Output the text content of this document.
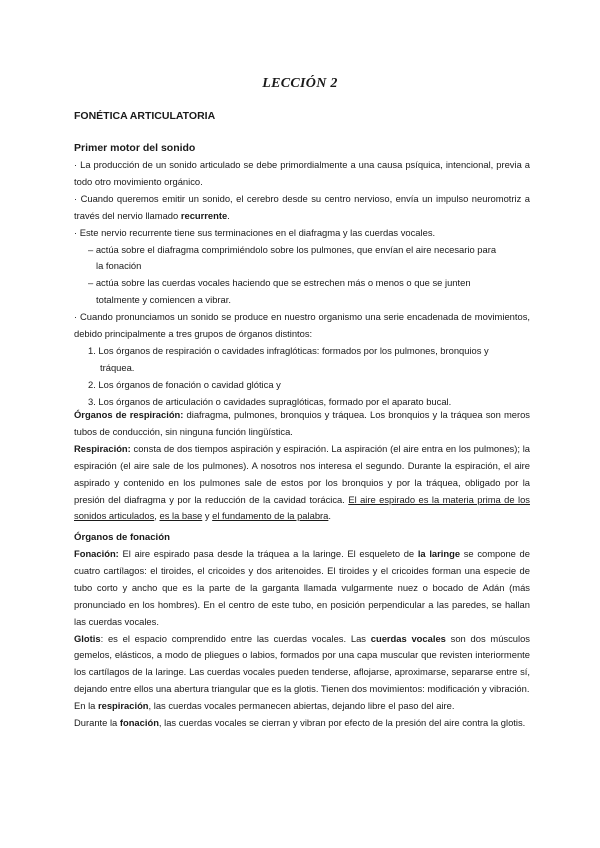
LECCIÓN 2
FONÉTICA ARTICULATORIA
Primer motor del sonido

· La producción de un sonido articulado se debe primordialmente a una causa psíquica, intencional, previa a todo otro movimiento orgánico.

· Cuando queremos emitir un sonido, el cerebro desde su centro nervioso, envía un impulso neuromotriz a través del nervio llamado recurrente.

· Este nervio recurrente tiene sus terminaciones en el diafragma y las cuerdas vocales.

– actúa sobre el diafragma comprimiéndolo sobre los pulmones, que envían el aire necesario para

la fonación

– actúa sobre las cuerdas vocales haciendo que se estrechen más o menos o que se junten

totalmente y comiencen a vibrar.

· Cuando pronunciamos un sonido se produce en nuestro organismo una serie encadenada de movimientos, debido principalmente a tres grupos de órganos distintos:

1. Los órganos de respiración o cavidades infraglóticas: formados por los pulmones, bronquios y

tráquea.

2. Los órganos de fonación o cavidad glótica y

3. Los órganos de articulación o cavidades supraglóticas, formado por el aparato bucal.

Órganos de respiración: diafragma, pulmones, bronquios y tráquea. Los bronquios y la tráquea son meros tubos de conducción, sin ninguna función lingüística.

Respiración: consta de dos tiempos aspiración y espiración. La aspiración (el aire entra en los pulmones); la espiración (el aire sale de los pulmones). A nosotros nos interesa el segundo. Durante la espiración, el aire aspirado y contenido en los pulmones sale de estos por los bronquios y por la tráquea, obligado por la presión del diafragma y por la reducción de la cavidad torácica. El aire espirado es la materia prima de los sonidos articulados, es la base y el fundamento de la palabra.

Órganos de fonación

Fonación: El aire espirado pasa desde la tráquea a la laringe. El esqueleto de la laringe se compone de cuatro cartílagos: el tiroides, el cricoides y dos aritenoides. El tiroides y el cricoides forman una especie de tubo corto y ancho que es la parte de la garganta llamada vulgarmente nuez o bocado de Adán (más pronunciado en los hombres). En el centro de este tubo, en posición perpendicular a las paredes, se hallan las cuerdas vocales.

Glotis: es el espacio comprendido entre las cuerdas vocales. Las cuerdas vocales son dos músculos gemelos, elásticos, a modo de pliegues o labios, formados por una capa muscular que revisten interiormente los cartílagos de la laringe. Las cuerdas vocales pueden tenderse, aflojarse, aproximarse, separarse entre sí, dejando entre ellos una abertura triangular que es la glotis. Tienen dos movimientos: modificación y vibración.

En la respiración, las cuerdas vocales permanecen abiertas, dejando libre el paso del aire.

Durante la fonación, las cuerdas vocales se cierran y vibran por efecto de la presión del aire contra la glotis.
